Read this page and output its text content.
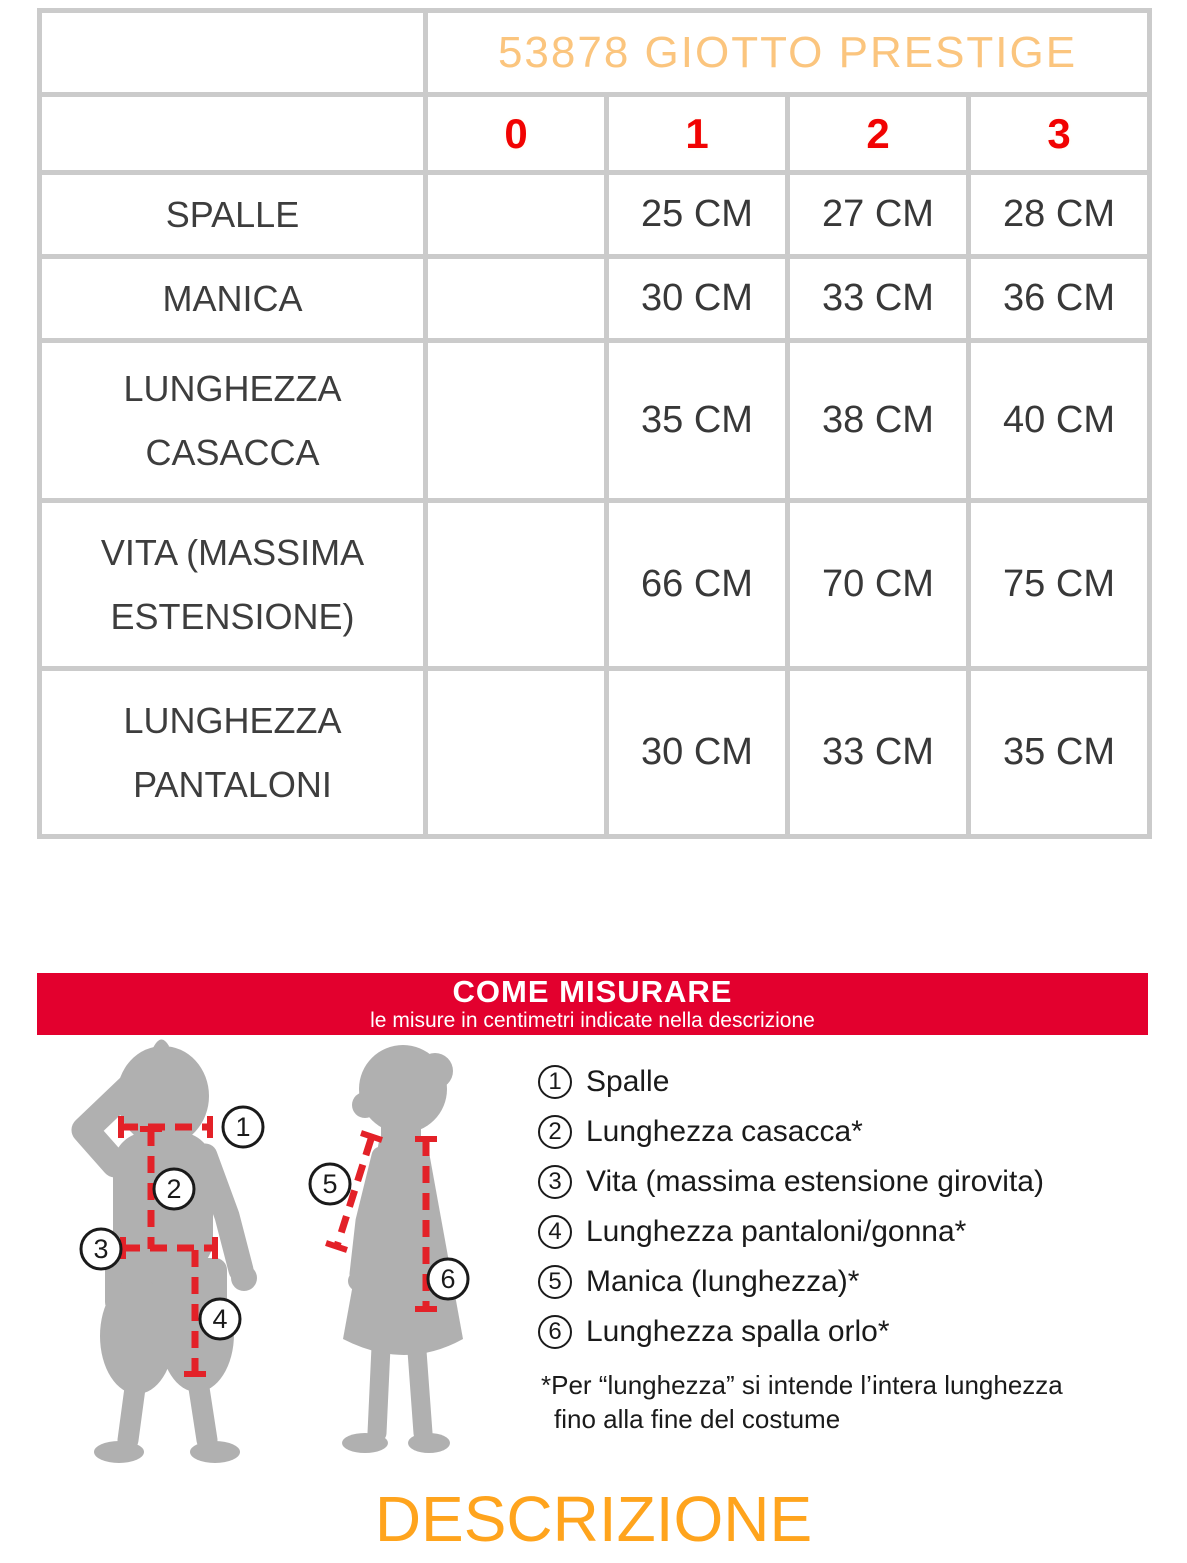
	53878 GIOTTO PRESTIGE			
	0	1	2	3

SPALLE		25 CM	27 CM	28 CM

MANICA		30 CM	33 CM	36 CM

LUNGHEZZA
CASACCA		35 CM	38 CM	40 CM

VITA (MASSIMA
ESTENSIONE)		66 CM	70 CM	75 CM

LUNGHEZZA
PANTALONI		30 CM	33 CM	35 CM
COME MISURARE
le misure in centimetri indicate nella descrizione
1
2
3
4
5
6
1 Spalle
2 Lunghezza casacca*
3 Vita (massima estensione girovita)
4 Lunghezza pantaloni/gonna*
5 Manica (lunghezza)*
6 Lunghezza spalla orlo*
*Per “lunghezza” si intende l’intera lunghezza
fino alla fine del costume
DESCRIZIONE
